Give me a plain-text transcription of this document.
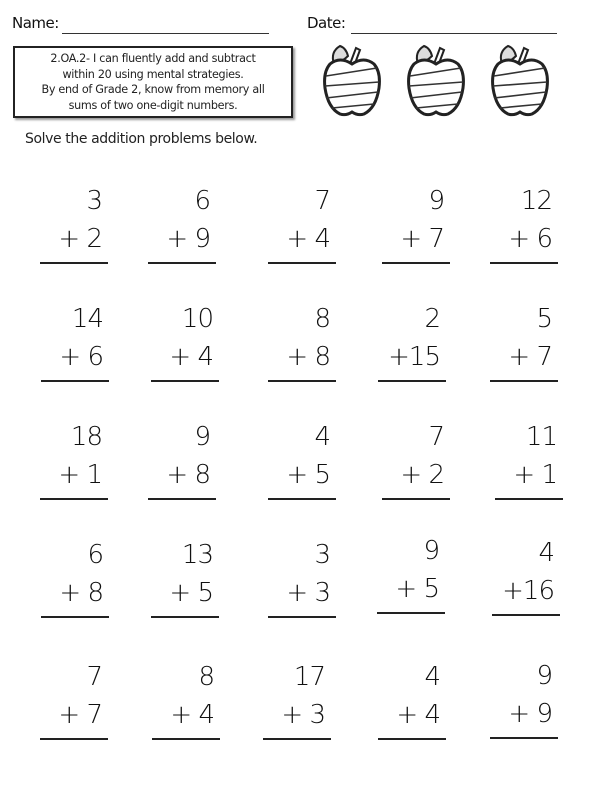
Name:	Date:
2.OA.2- I can fluently add and subtract
within 20 using mental strategies.
By end of Grade 2, know from memory all
sums of two one-digit numbers.
Solve the addition problems below.
3
+ 2
6
+ 9
7
+ 4
9
+ 7
12
+ 6
14
+ 6
10
+ 4
8
+ 8
2
+15
5
+ 7
18
+ 1
9
+ 8
4
+ 5
7
+ 2
11
+ 1
6
+ 8
13
+ 5
3
+ 3
9
+ 5
4
+16
7
+ 7
8
+ 4
17
+ 3
4
+ 4
9
+ 9
